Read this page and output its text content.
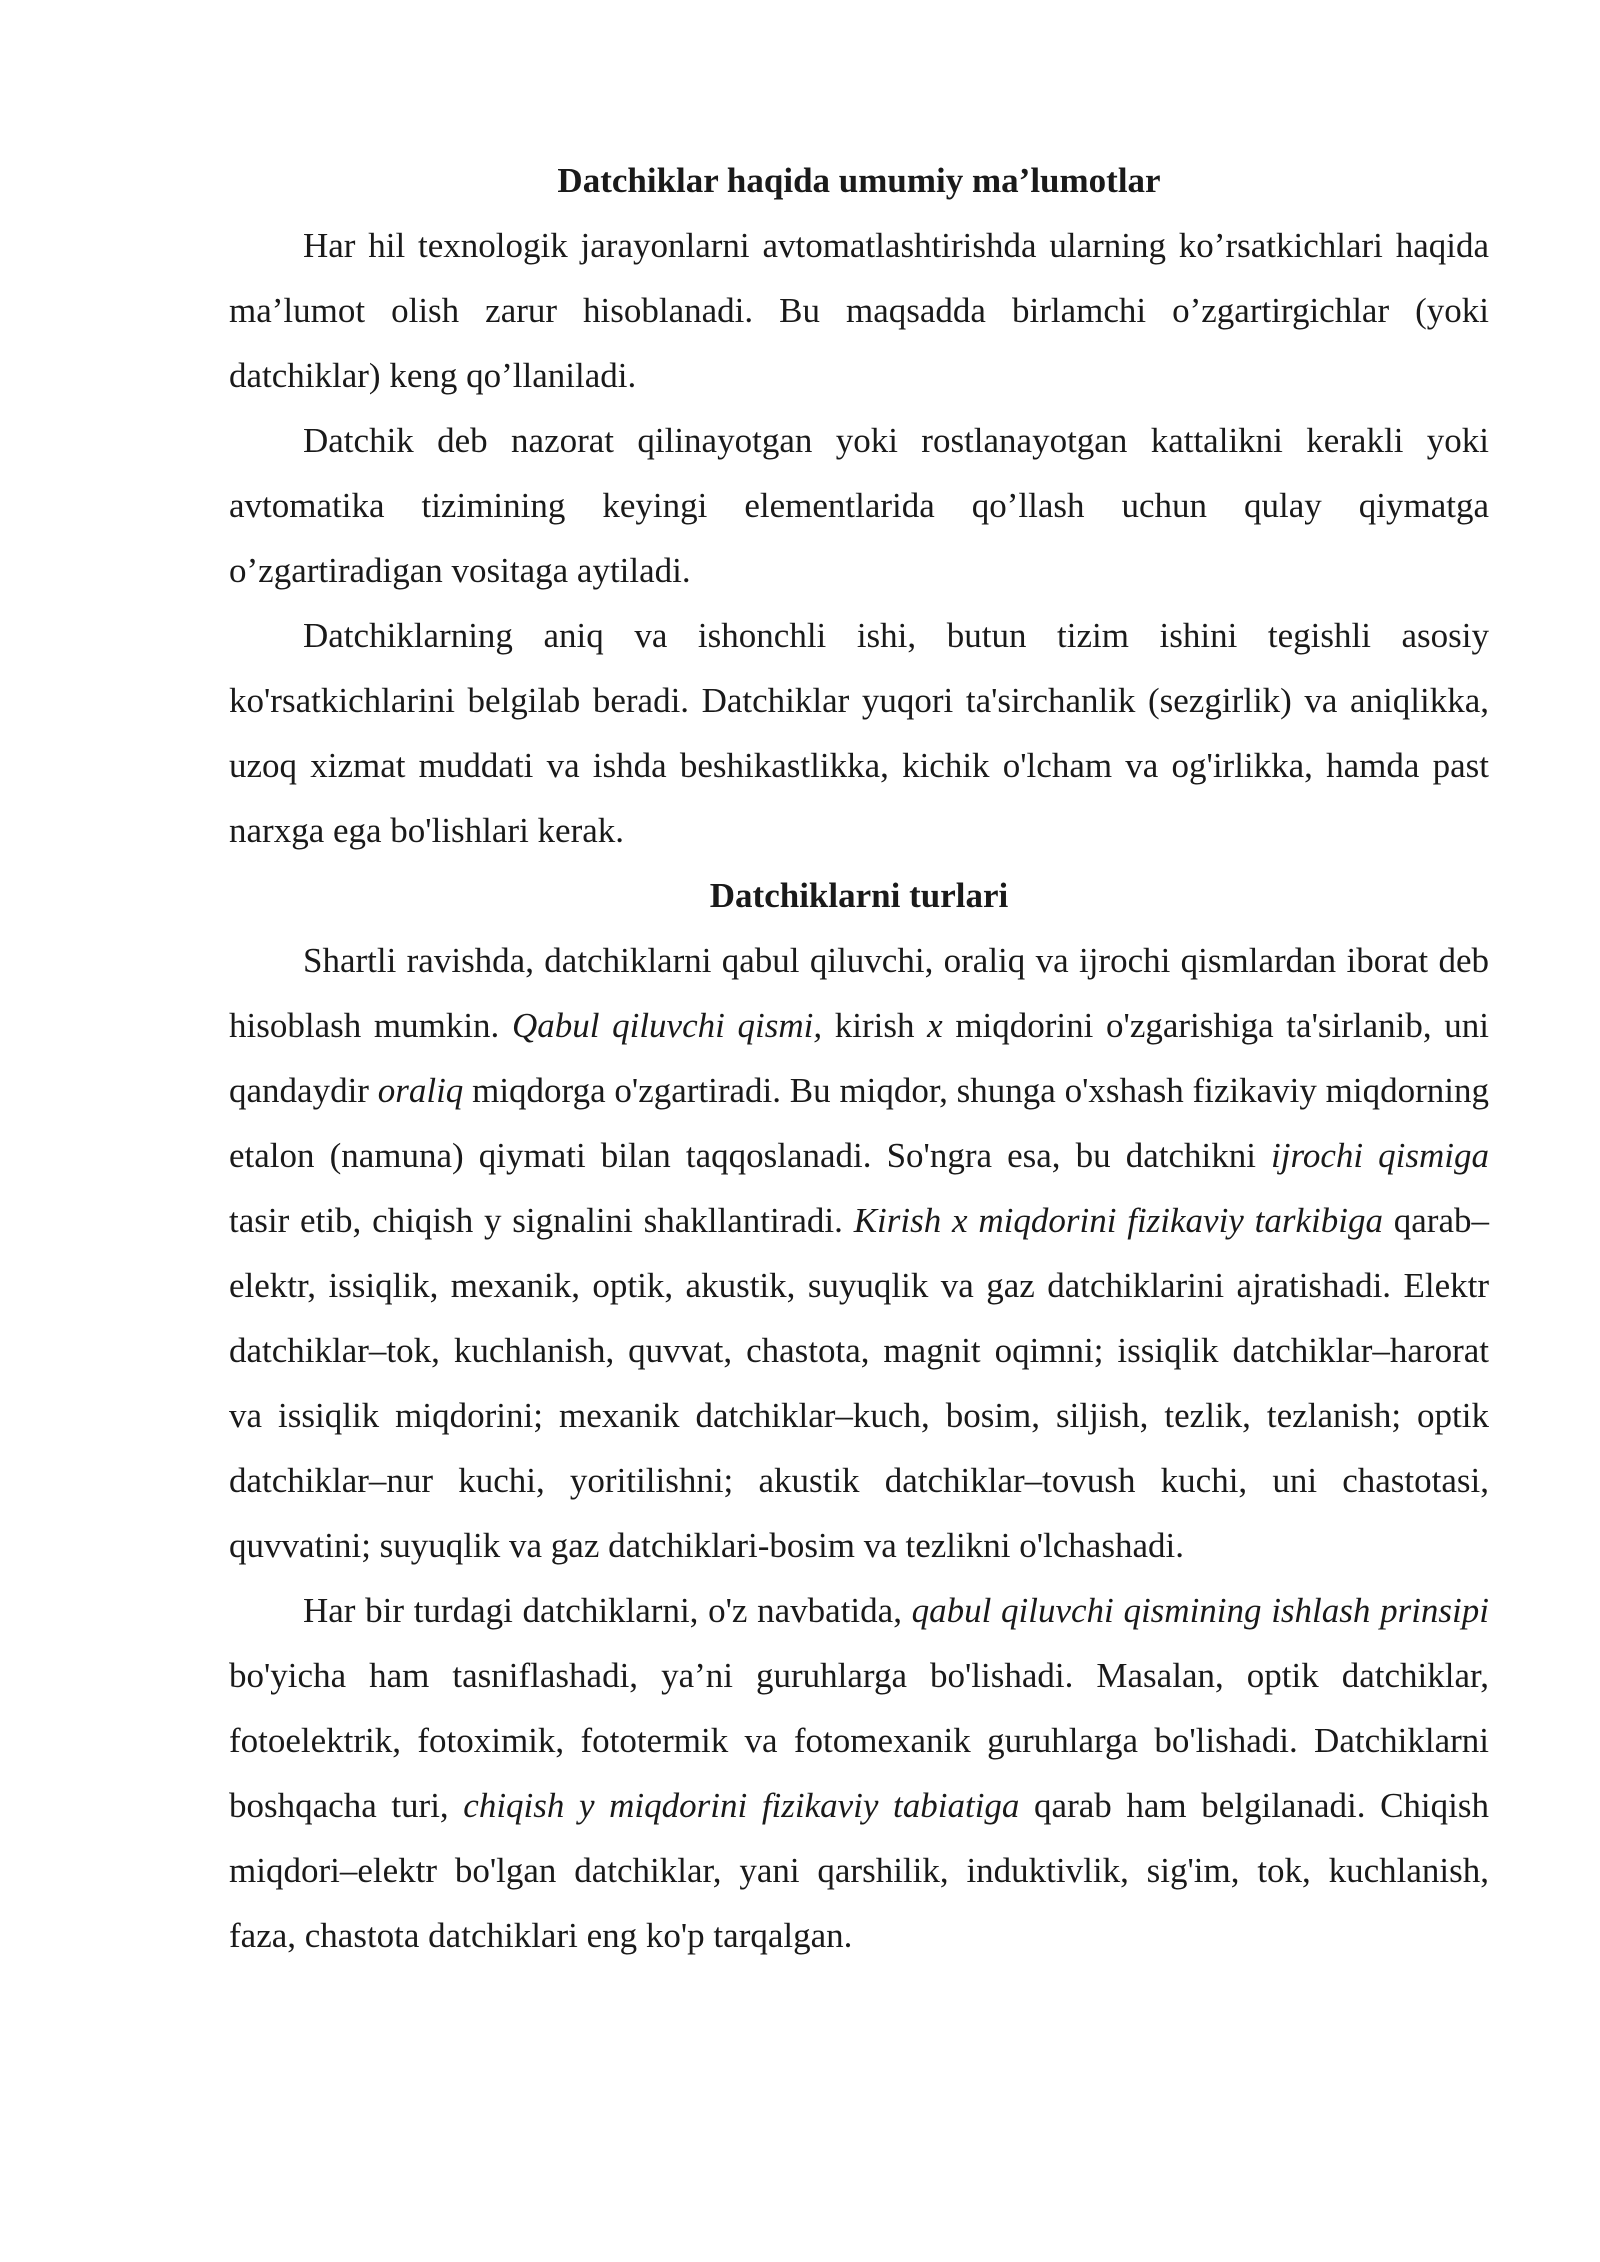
Datchiklar haqida umumiy ma’lumotlar

Har hil texnologik jarayonlarni avtomatlashtirishda ularning ko’rsatkichlari haqida ma’lumot olish zarur hisoblanadi. Bu maqsadda birlamchi o’zgartirgichlar (yoki datchiklar) keng qo’llaniladi.

Datchik deb nazorat qilinayotgan yoki rostlanayotgan kattalikni kerakli yoki avtomatika tizimining keyingi elementlarida qo’llash uchun qulay qiymatga o’zgartiradigan vositaga aytiladi.

Datchiklarning aniq va ishonchli ishi, butun tizim ishini tegishli asosiy ko'rsatkichlarini belgilab beradi. Datchiklar yuqori ta'sirchanlik (sezgirlik) va aniqlikka, uzoq xizmat muddati va ishda beshikastlikka, kichik o'lcham va og'irlikka, hamda past narxga ega bo'lishlari kerak.

Datchiklarni turlari

Shartli ravishda, datchiklarni qabul qiluvchi, oraliq va ijrochi qismlardan iborat deb hisoblash mumkin. Qabul qiluvchi qismi, kirish x miqdorini o'zgarishiga ta'sirlanib, uni qandaydir oraliq miqdorga o'zgartiradi. Bu miqdor, shunga o'xshash fizikaviy miqdorning etalon (namuna) qiymati bilan taqqoslanadi. So'ngra esa, bu datchikni ijrochi qismiga tasir etib, chiqish y signalini shakllantiradi. Kirish x miqdorini fizikaviy tarkibiga qarab–elektr, issiqlik, mexanik, optik, akustik, suyuqlik va gaz datchiklarini ajratishadi. Elektr datchiklar–tok, kuchlanish, quvvat, chastota, magnit oqimni; issiqlik datchiklar–harorat va issiqlik miqdorini; mexanik datchiklar–kuch, bosim, siljish, tezlik, tezlanish; optik datchiklar–nur kuchi, yoritilishni; akustik datchiklar–tovush kuchi, uni chastotasi, quvvatini; suyuqlik va gaz datchiklari-bosim va tezlikni o'lchashadi.

Har bir turdagi datchiklarni, o'z navbatida, qabul qiluvchi qismining ishlash prinsipi bo'yicha ham tasniflashadi, ya’ni guruhlarga bo'lishadi. Masalan, optik datchiklar, fotoelektrik, fotoximik, fototermik va fotomexanik guruhlarga bo'lishadi. Datchiklarni boshqacha turi, chiqish y miqdorini fizikaviy tabiatiga qarab ham belgilanadi. Chiqish miqdori–elektr bo'lgan datchiklar, yani qarshilik, induktivlik, sig'im, tok, kuchlanish, faza, chastota datchiklari eng ko'p tarqalgan.
